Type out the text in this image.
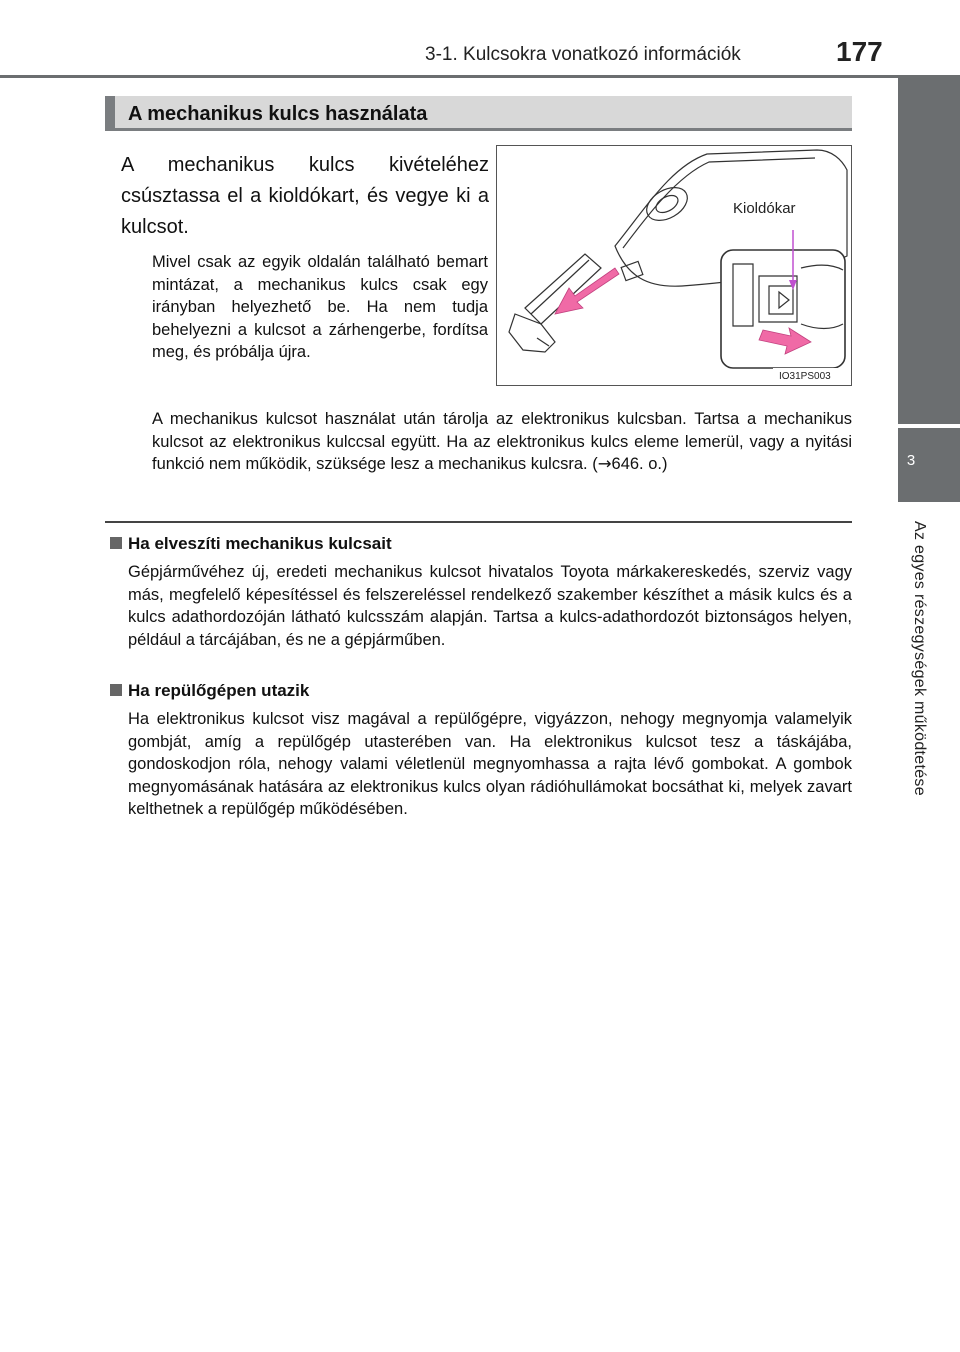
3-1. Kulcsokra vonatkozó információk	177
3
Az egyes részegységek működtetése
A mechanikus kulcs használata
A mechanikus kulcs kivételéhez csúsztassa el a kioldókart, és vegye ki a kulcsot.
Mivel csak az egyik oldalán található bemart mintázat, a mechanikus kulcs csak egy irányban helyezhető be. Ha nem tudja behelyezni a kulcsot a zárhengerbe, fordítsa meg, és próbálja újra.
Kioldókar
IO31PS003
A mechanikus kulcsot használat után tárolja az elektronikus kulcsban. Tartsa a mechanikus kulcsot az elektronikus kulccsal együtt. Ha az elektronikus kulcs eleme lemerül, vagy a nyitási funkció nem működik, szüksége lesz a mechanikus kulcsra. (→646. o.)
Ha elveszíti mechanikus kulcsait
Gépjárművéhez új, eredeti mechanikus kulcsot hivatalos Toyota márkakereskedés, szerviz vagy más, megfelelő képesítéssel és felszereléssel rendelkező szakember készíthet a másik kulcs és a kulcs adathordozóján látható kulcsszám alapján. Tartsa a kulcs-adathordozót biztonságos helyen, például a tárcájában, és ne a gépjárműben.
Ha repülőgépen utazik
Ha elektronikus kulcsot visz magával a repülőgépre, vigyázzon, nehogy megnyomja valamelyik gombját, amíg a repülőgép utasterében van. Ha elektronikus kulcsot tesz a táskájába, gondoskodjon róla, nehogy valami véletlenül megnyomhassa a rajta lévő gombokat. A gombok megnyomásának hatására az elektronikus kulcs olyan rádióhullámokat bocsáthat ki, melyek zavart kelthetnek a repülőgép működésében.
